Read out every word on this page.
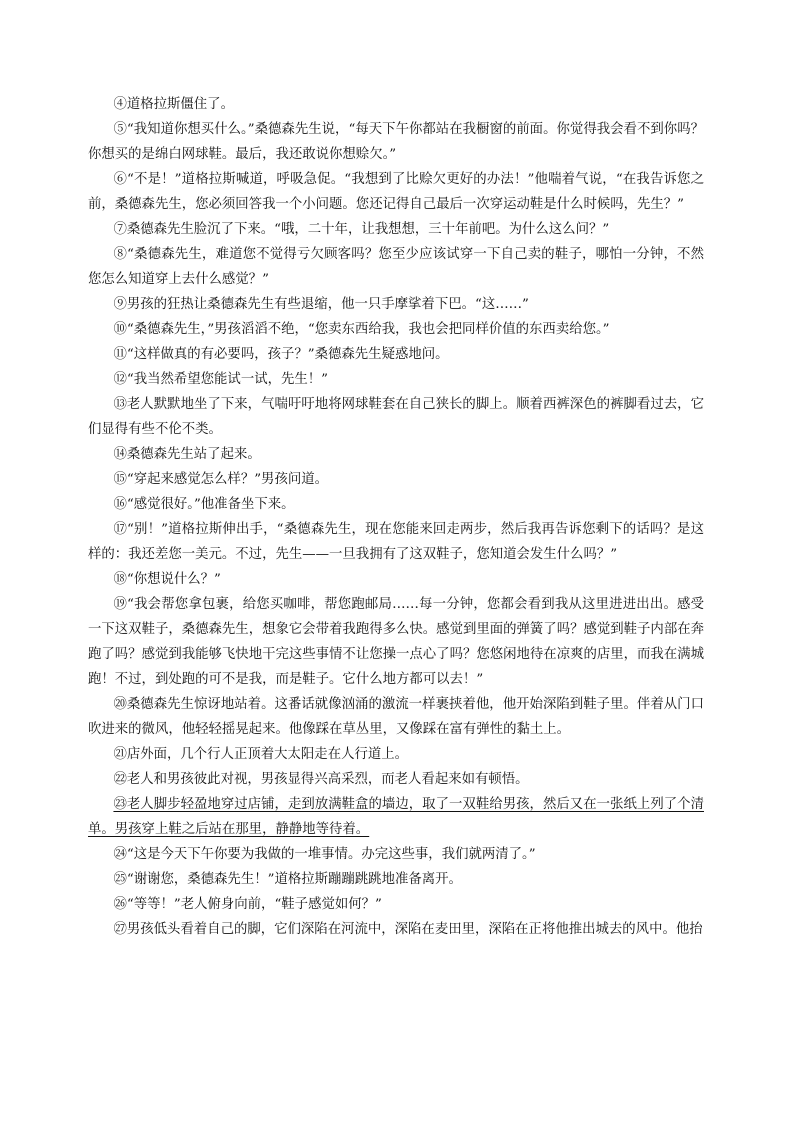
④道格拉斯僵住了。

⑤“我知道你想买什么。”桑德森先生说，“每天下午你都站在我橱窗的前面。你觉得我会看不到你吗？你想买的是绵白网球鞋。最后，我还敢说你想赊欠。”

⑥“不是！”道格拉斯喊道，呼吸急促。“我想到了比赊欠更好的办法！”他喘着气说，“在我告诉您之前，桑德森先生，您必须回答我一个小问题。您还记得自己最后一次穿运动鞋是什么时候吗，先生？”

⑦桑德森先生脸沉了下来。“哦，二十年，让我想想，三十年前吧。为什么这么问？”

⑧“桑德森先生，难道您不觉得亏欠顾客吗？您至少应该试穿一下自己卖的鞋子，哪怕一分钟，不然您怎么知道穿上去什么感觉？”

⑨男孩的狂热让桑德森先生有些退缩，他一只手摩挲着下巴。“这……”

⑩“桑德森先生，”男孩滔滔不绝，“您卖东西给我，我也会把同样价值的东西卖给您。”

⑪“这样做真的有必要吗，孩子？”桑德森先生疑惑地问。

⑫“我当然希望您能试一试，先生！”

⑬老人默默地坐了下来，气喘吁吁地将网球鞋套在自己狭长的脚上。顺着西裤深色的裤脚看过去，它们显得有些不伦不类。

⑭桑德森先生站了起来。

⑮“穿起来感觉怎么样？”男孩问道。

⑯“感觉很好。”他准备坐下来。

⑰“别！”道格拉斯伸出手，“桑德森先生，现在您能来回走两步，然后我再告诉您剩下的话吗？是这样的：我还差您一美元。不过，先生——一旦我拥有了这双鞋子，您知道会发生什么吗？”

⑱“你想说什么？”

⑲“我会帮您拿包裹，给您买咖啡，帮您跑邮局……每一分钟，您都会看到我从这里进进出出。感受一下这双鞋子，桑德森先生，想象它会带着我跑得多么快。感觉到里面的弹簧了吗？感觉到鞋子内部在奔跑了吗？感觉到我能够飞快地干完这些事情不让您操一点心了吗？您悠闲地待在凉爽的店里，而我在满城跑！不过，到处跑的可不是我，而是鞋子。它什么地方都可以去！”

⑳桑德森先生惊讶地站着。这番话就像汹涌的激流一样裹挟着他，他开始深陷到鞋子里。伴着从门口吹进来的微风，他轻轻摇晃起来。他像踩在草丛里，又像踩在富有弹性的黏土上。

㉑店外面，几个行人正顶着大太阳走在人行道上。

㉒老人和男孩彼此对视，男孩显得兴高采烈，而老人看起来如有顿悟。

㉓老人脚步轻盈地穿过店铺，走到放满鞋盒的墙边，取了一双鞋给男孩，然后又在一张纸上列了个清单。男孩穿上鞋之后站在那里，静静地等待着。

㉔“这是今天下午你要为我做的一堆事情。办完这些事，我们就两清了。”

㉕“谢谢您，桑德森先生！”道格拉斯蹦蹦跳跳地准备离开。

㉖“等等！”老人俯身向前，“鞋子感觉如何？”

㉗男孩低头看着自己的脚，它们深陷在河流中，深陷在麦田里，深陷在正将他推出城去的风中。他抬
